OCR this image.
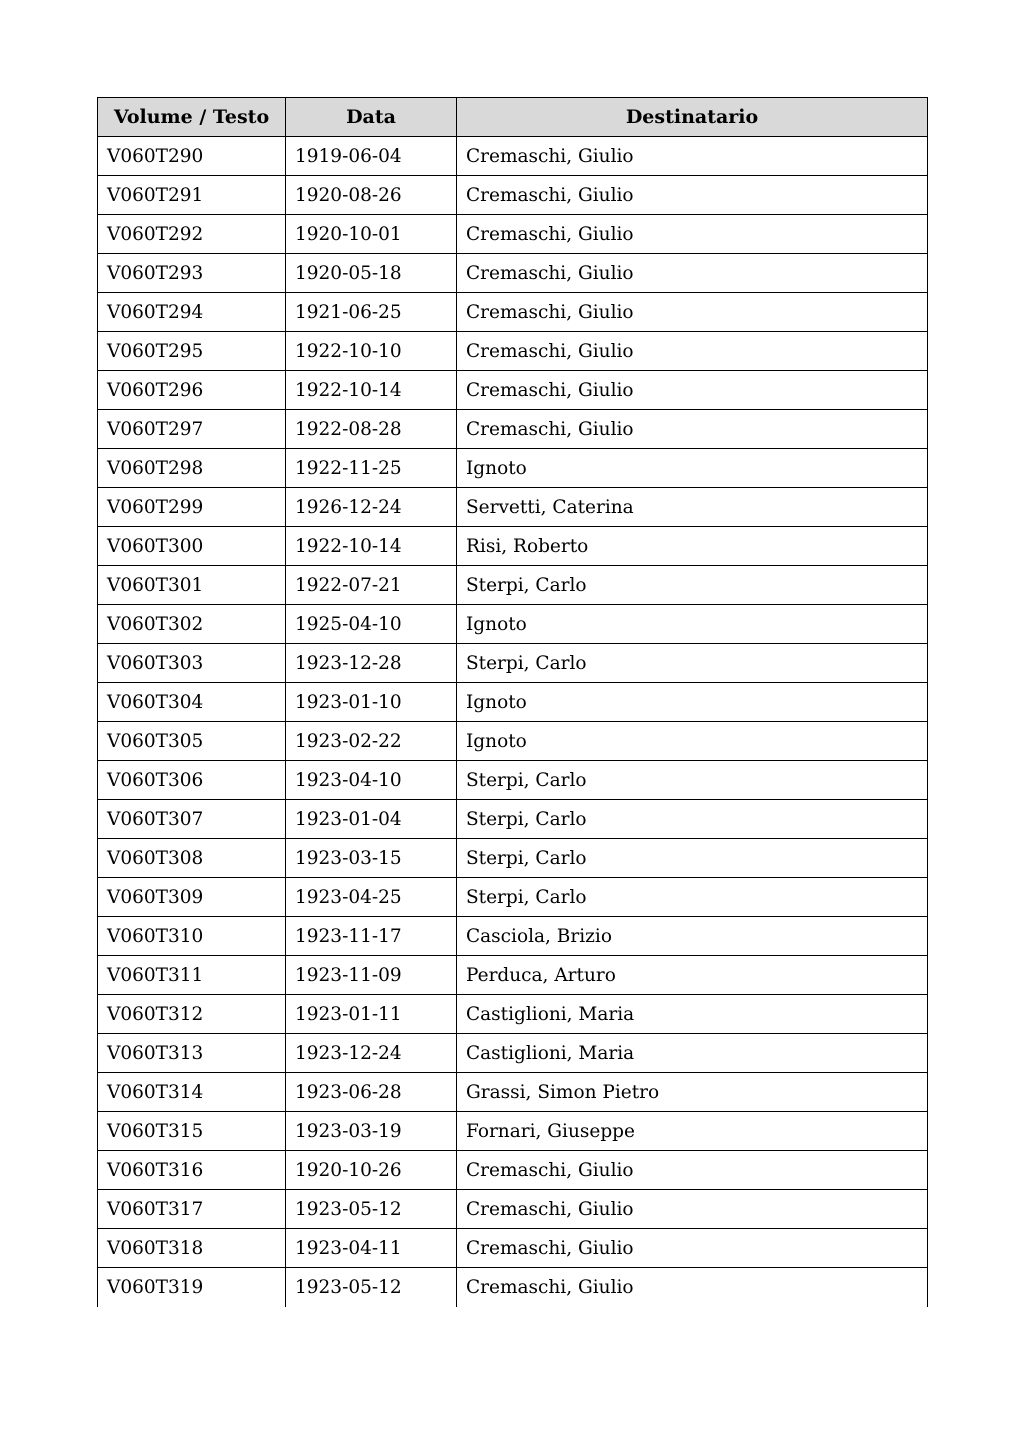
Volume / Testo	Data	Destinatario
V060T290	1919-06-04	Cremaschi, Giulio
V060T291	1920-08-26	Cremaschi, Giulio
V060T292	1920-10-01	Cremaschi, Giulio
V060T293	1920-05-18	Cremaschi, Giulio
V060T294	1921-06-25	Cremaschi, Giulio
V060T295	1922-10-10	Cremaschi, Giulio
V060T296	1922-10-14	Cremaschi, Giulio
V060T297	1922-08-28	Cremaschi, Giulio
V060T298	1922-11-25	Ignoto
V060T299	1926-12-24	Servetti, Caterina
V060T300	1922-10-14	Risi, Roberto
V060T301	1922-07-21	Sterpi, Carlo
V060T302	1925-04-10	Ignoto
V060T303	1923-12-28	Sterpi, Carlo
V060T304	1923-01-10	Ignoto
V060T305	1923-02-22	Ignoto
V060T306	1923-04-10	Sterpi, Carlo
V060T307	1923-01-04	Sterpi, Carlo
V060T308	1923-03-15	Sterpi, Carlo
V060T309	1923-04-25	Sterpi, Carlo
V060T310	1923-11-17	Casciola, Brizio
V060T311	1923-11-09	Perduca, Arturo
V060T312	1923-01-11	Castiglioni, Maria
V060T313	1923-12-24	Castiglioni, Maria
V060T314	1923-06-28	Grassi, Simon Pietro
V060T315	1923-03-19	Fornari, Giuseppe
V060T316	1920-10-26	Cremaschi, Giulio
V060T317	1923-05-12	Cremaschi, Giulio
V060T318	1923-04-11	Cremaschi, Giulio
V060T319	1923-05-12	Cremaschi, Giulio
